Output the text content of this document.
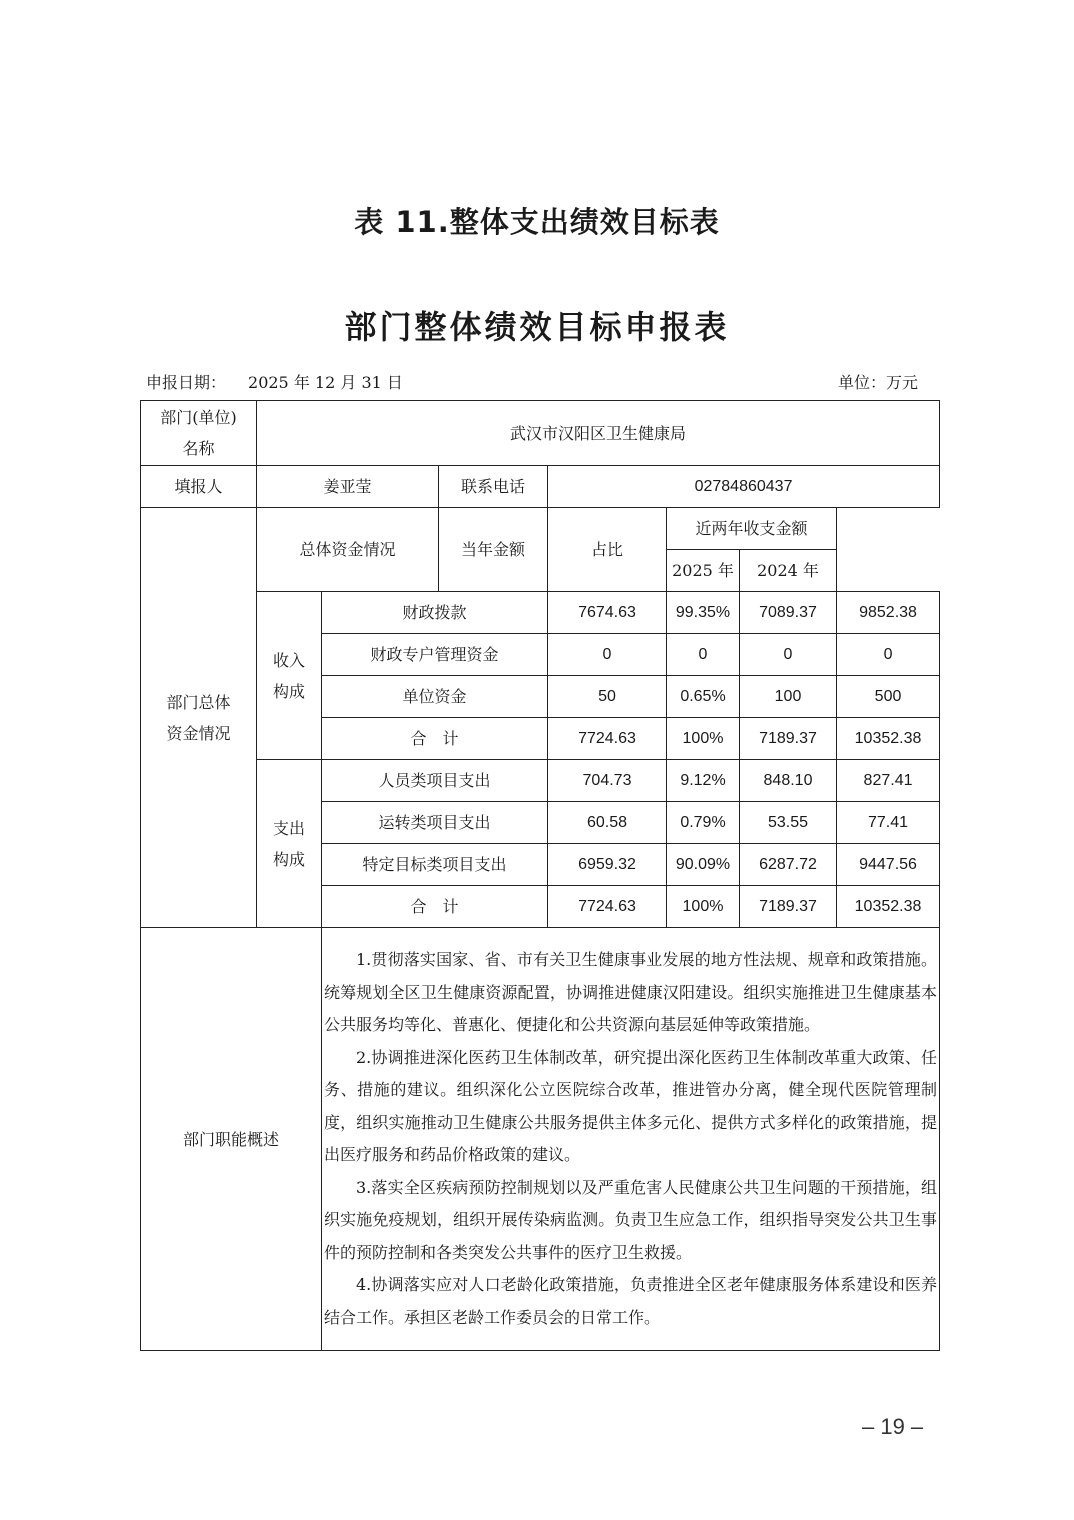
表 11.整体支出绩效目标表
部门整体绩效目标申报表
申报日期： 2025 年 12 月 31 日	单位：万元
部门(单位)名称	武汉市汉阳区卫生健康局						
填报人	姜亚莹		联系电话	02784860437			
部门总体资金情况	总体资金情况		当年金额	占比	近两年收支金额		
					2025 年	2024 年	
	收入构成	财政拨款		7674.63	99.35%	7089.37	9852.38
		财政专户管理资金		0	0	0	0
		单位资金		50	0.65%	100	500
		合　计		7724.63	100%	7189.37	10352.38
	支出构成	人员类项目支出		704.73	9.12%	848.10	827.41
		运转类项目支出		60.58	0.79%	53.55	77.41
		特定目标类项目支出		6959.32	90.09%	6287.72	9447.56
		合　计		7724.63	100%	7189.37	10352.38
部门职能概述		1.贯彻落实国家、省、市有关卫生健康事业发展的地方性法规、规章和政策措施。统筹规划全区卫生健康资源配置，协调推进健康汉阳建设。组织实施推进卫生健康基本公共服务均等化、普惠化、便捷化和公共资源向基层延伸等政策措施。

2.协调推进深化医药卫生体制改革，研究提出深化医药卫生体制改革重大政策、任务、措施的建议。组织深化公立医院综合改革，推进管办分离，健全现代医院管理制度，组织实施推动卫生健康公共服务提供主体多元化、提供方式多样化的政策措施，提出医疗服务和药品价格政策的建议。

3.落实全区疾病预防控制规划以及严重危害人民健康公共卫生问题的干预措施，组织实施免疫规划，组织开展传染病监测。负责卫生应急工作，组织指导突发公共卫生事件的预防控制和各类突发公共事件的医疗卫生救援。

4.协调落实应对人口老龄化政策措施，负责推进全区老年健康服务体系建设和医养结合工作。承担区老龄工作委员会的日常工作。					

– 19 –
